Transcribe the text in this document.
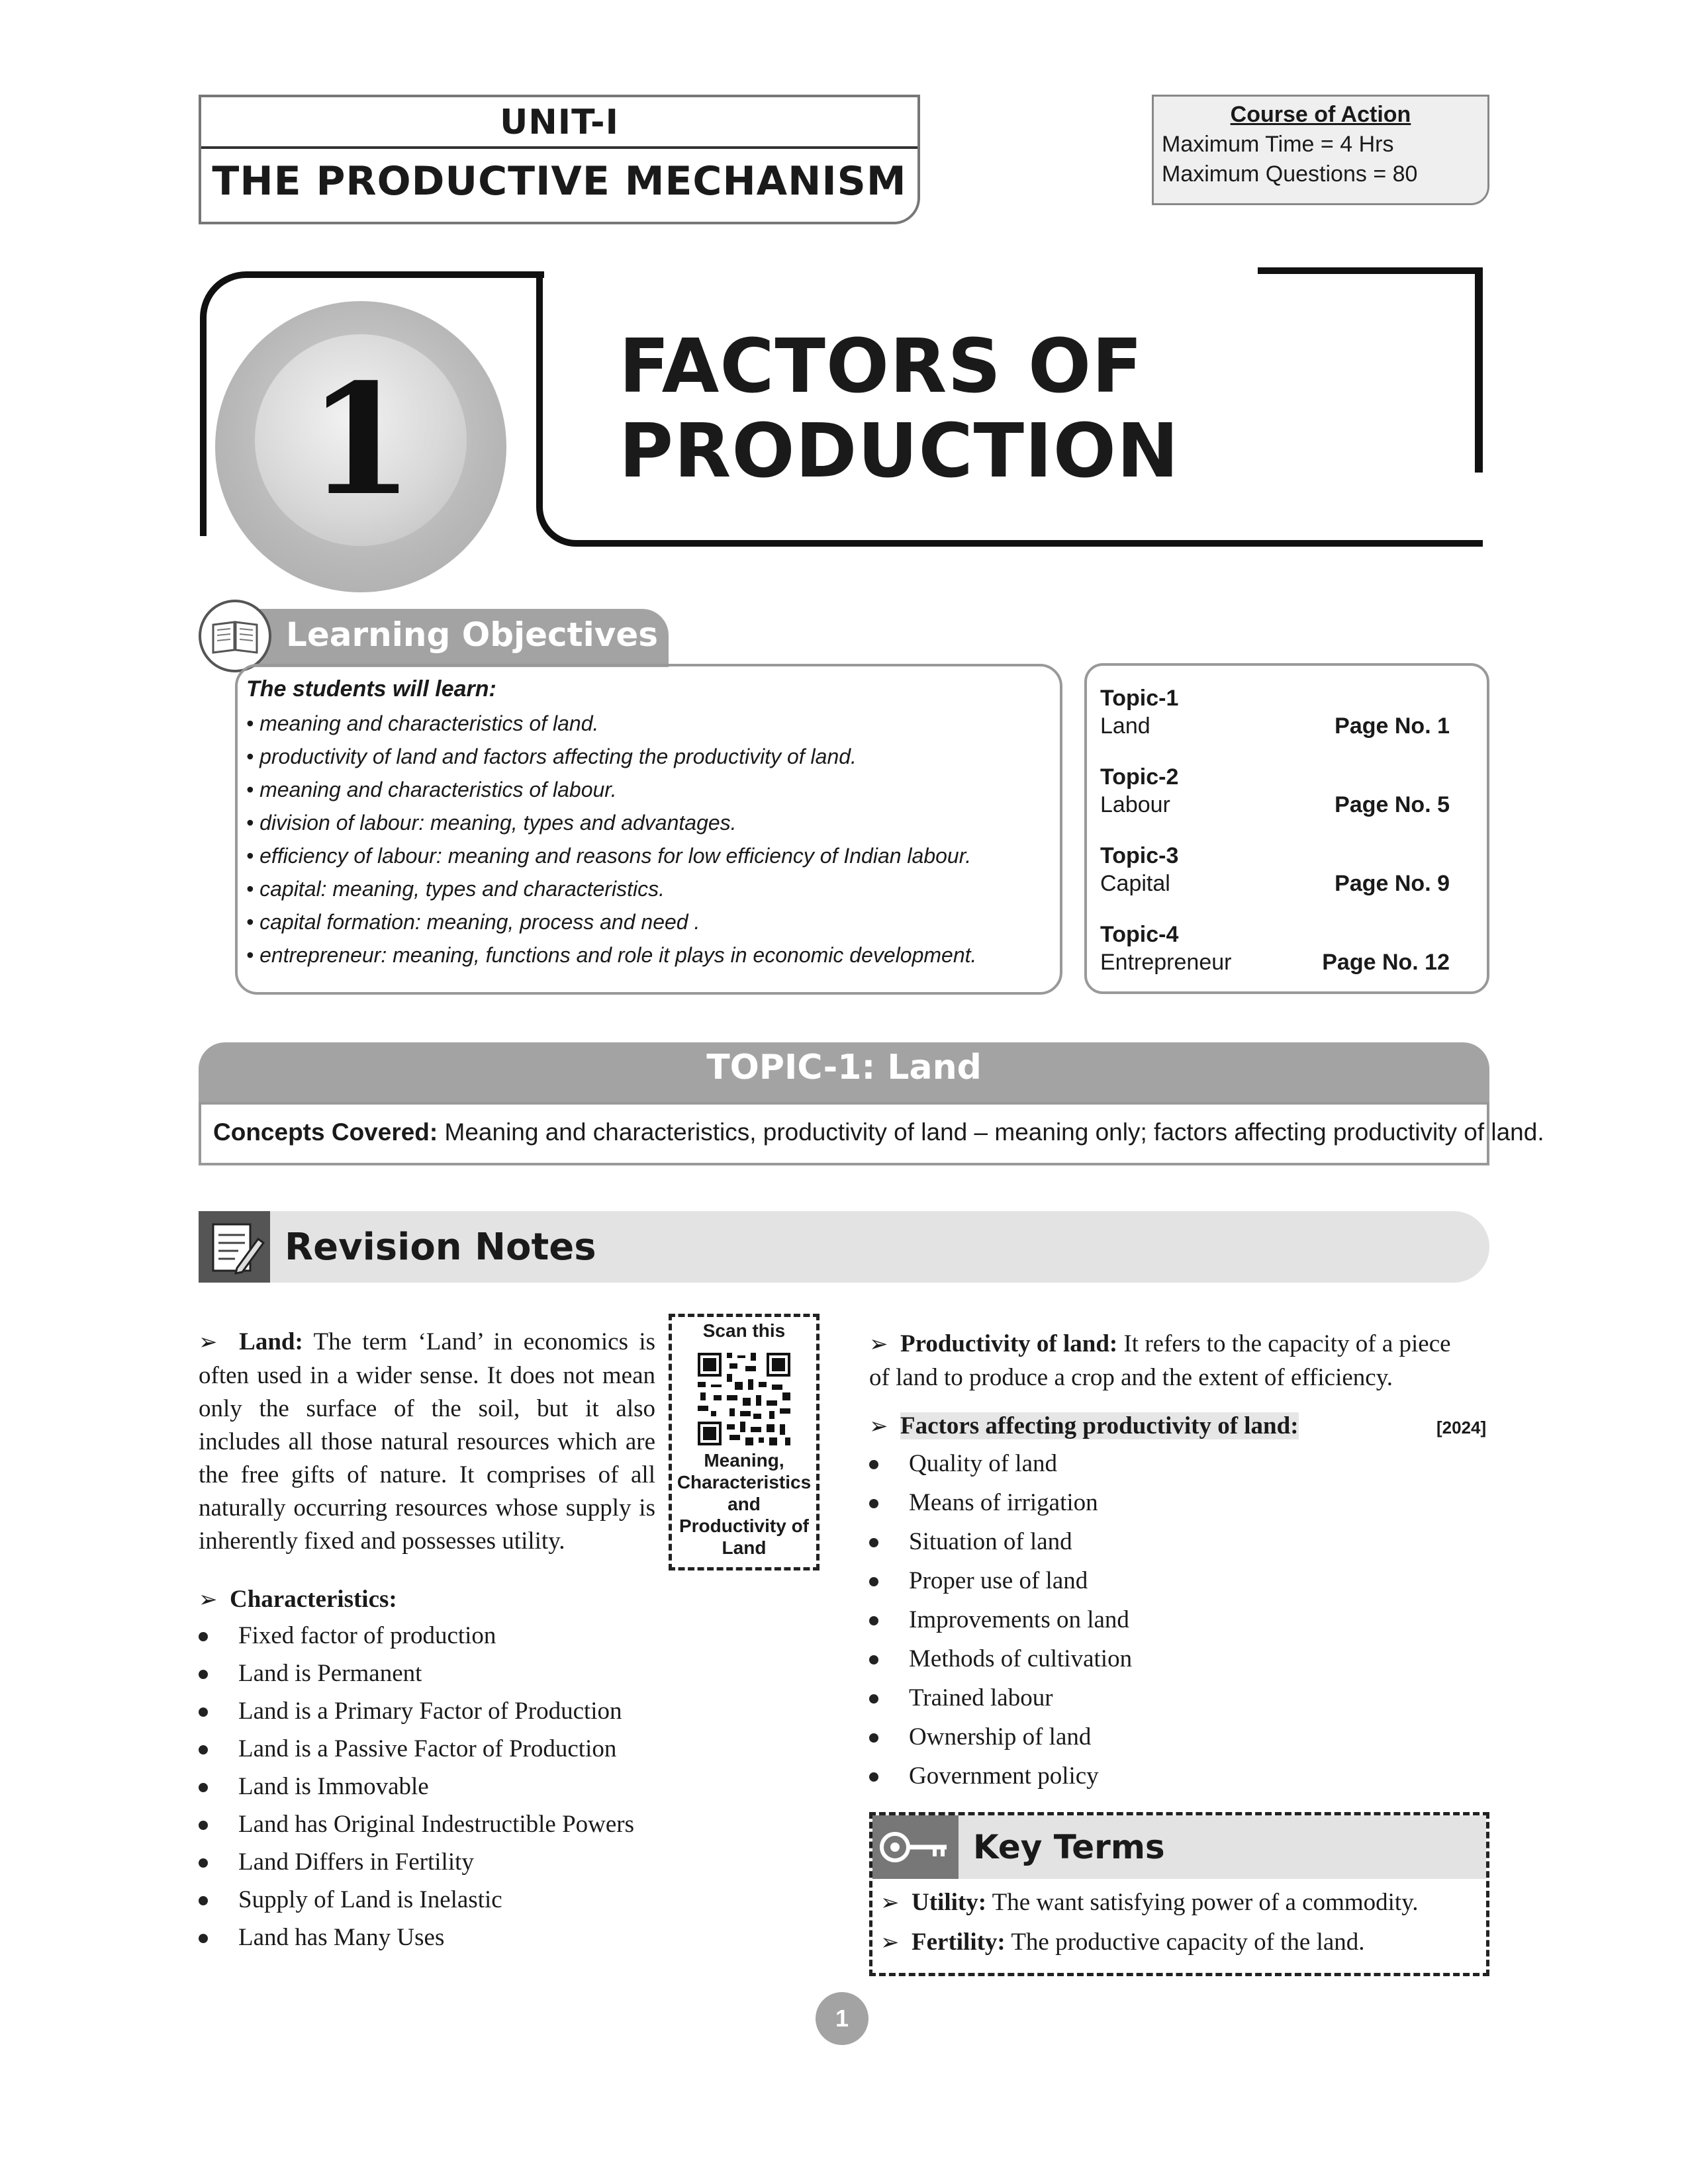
UNIT-I
THE PRODUCTIVE MECHANISM
Course of Action
Maximum Time = 4 Hrs
Maximum Questions = 80
1	FACTORS OF
PRODUCTION
Learning Objectives
The students will learn:
• meaning and characteristics of land.
• productivity of land and factors affecting the productivity of land.
• meaning and characteristics of labour.
• division of labour: meaning, types and advantages.
• efficiency of labour: meaning and reasons for low efficiency of Indian labour.
• capital: meaning, types and characteristics.
• capital formation: meaning, process and need .
• entrepreneur: meaning, functions and role it plays in economic development.
Topic-1
Land	Page No. 1
Topic-2
Labour	Page No. 5
Topic-3
Capital	Page No. 9
Topic-4
Entrepreneur	Page No. 12
TOPIC-1: Land
Concepts Covered: Meaning and characteristics, productivity of land – meaning only; factors affecting productivity of land.
Revision Notes
➢ Land: The term ‘Land’ in economics is often used in a wider sense. It does not mean only the surface of the soil, but it also includes all those natural resources which are the free gifts of nature. It comprises of all naturally occurring resources whose supply is inherently fixed and possesses utility.
Scan this
Meaning,
Characteristics
and
Productivity of
Land
➢ Characteristics:
Fixed factor of production
Land is Permanent
Land is a Primary Factor of Production
Land is a Passive Factor of Production
Land is Immovable
Land has Original Indestructible Powers
Land Differs in Fertility
Supply of Land is Inelastic
Land has Many Uses
➢ Productivity of land: It refers to the capacity of a piece
of land to produce a crop and the extent of efficiency.
➢ Factors affecting productivity of land:	[2024]
Quality of land
Means of irrigation
Situation of land
Proper use of land
Improvements on land
Methods of cultivation
Trained labour
Ownership of land
Government policy
Key Terms
➢ Utility: The want satisfying power of a commodity.
➢ Fertility: The productive capacity of the land.
1
